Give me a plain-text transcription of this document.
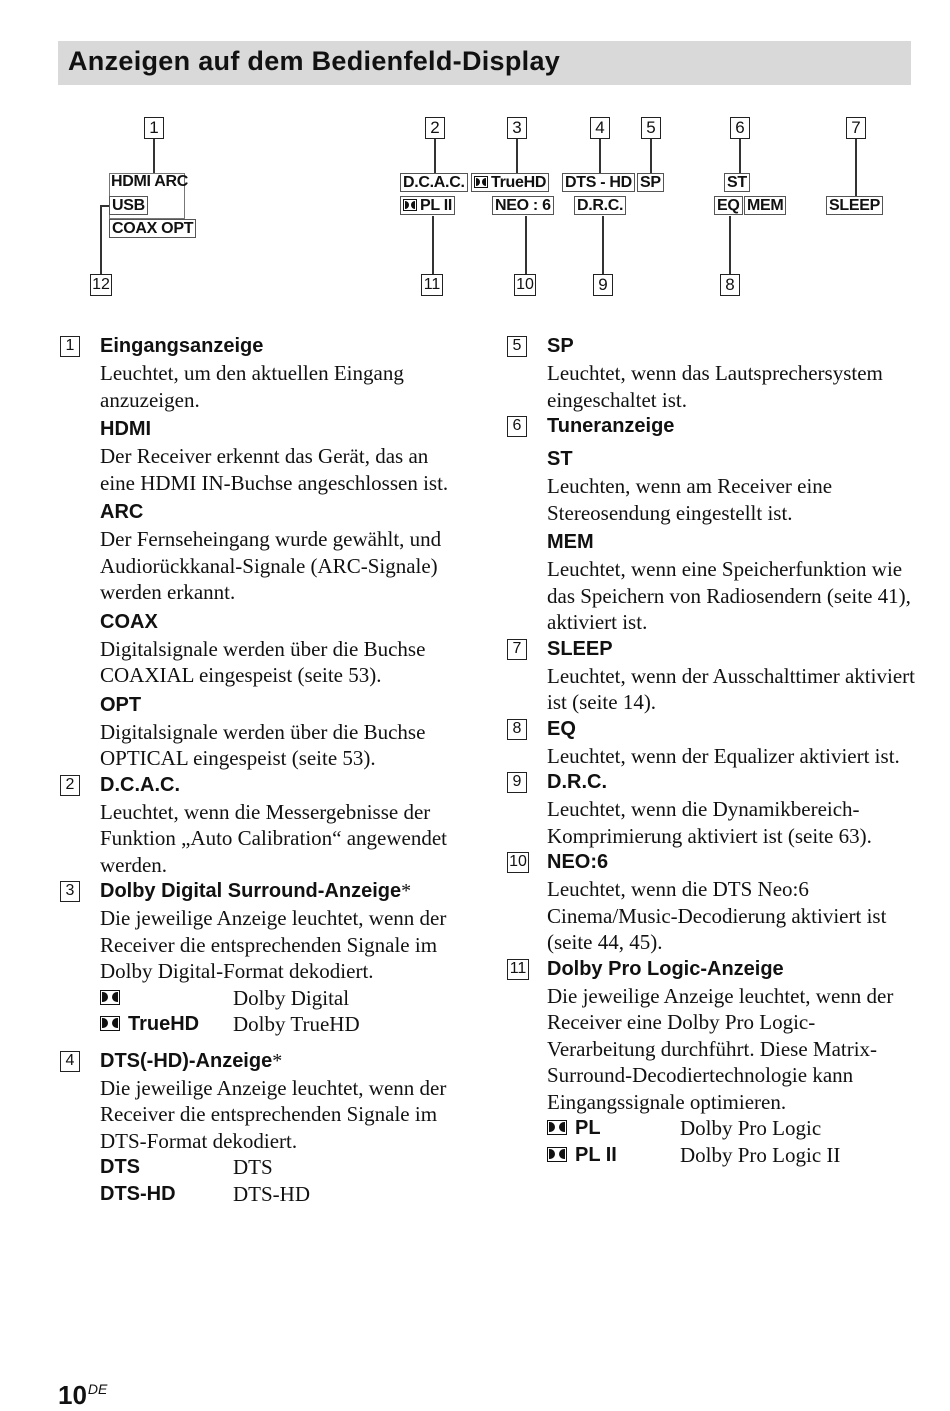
Anzeigen auf dem Bedienfeld-Display
1	2	3	4	5	6	7
12	11	10	9	8
HDMI ARC
USB
COAX OPT
D.C.A.C.	TrueHD DTS - HD SP	ST
PL II	NEO : 6 D.R.C.	EQ MEM	SLEEP
1 Eingangsanzeige
Leuchtet, um den aktuellen Eingang anzuzeigen.
HDMI
Der Receiver erkennt das Gerät, das an eine HDMI IN-Buchse angeschlossen ist.
ARC
Der Fernseheingang wurde gewählt, und Audiorückkanal-Signale (ARC-Signale) werden erkannt.
COAX
Digitalsignale werden über die Buchse COAXIAL eingespeist (seite 53).
OPT
Digitalsignale werden über die Buchse OPTICAL eingespeist (seite 53).
2 D.C.A.C.
Leuchtet, wenn die Messergebnisse der Funktion „Auto Calibration“ angewendet werden.
3 Dolby Digital Surround-Anzeige*
Die jeweilige Anzeige leuchtet, wenn der Receiver die entsprechenden Signale im Dolby Digital-Format dekodiert.
Dolby Digital
TrueHD	Dolby TrueHD
4 DTS(-HD)-Anzeige*
Die jeweilige Anzeige leuchtet, wenn der Receiver die entsprechenden Signale im DTS-Format dekodiert.
DTS	DTS
DTS-HD	DTS-HD
5 SP
Leuchtet, wenn das Lautsprechersystem eingeschaltet ist.
6 Tuneranzeige
ST
Leuchten, wenn am Receiver eine Stereosendung eingestellt ist.
MEM
Leuchtet, wenn eine Speicherfunktion wie das Speichern von Radiosendern (seite 41), aktiviert ist.
7 SLEEP
Leuchtet, wenn der Ausschalttimer aktiviert ist (seite 14).
8 EQ
Leuchtet, wenn der Equalizer aktiviert ist.
9 D.R.C.
Leuchtet, wenn die Dynamikbereich-Komprimierung aktiviert ist (seite 63).
10 NEO:6
Leuchtet, wenn die DTS Neo:6 Cinema/Music-Decodierung aktiviert ist (seite 44, 45).
11 Dolby Pro Logic-Anzeige
Die jeweilige Anzeige leuchtet, wenn der Receiver eine Dolby Pro Logic-Verarbeitung durchführt. Diese Matrix-Surround-Decodiertechnologie kann Eingangssignale optimieren.
PL	Dolby Pro Logic
PL II	Dolby Pro Logic II
10DE
